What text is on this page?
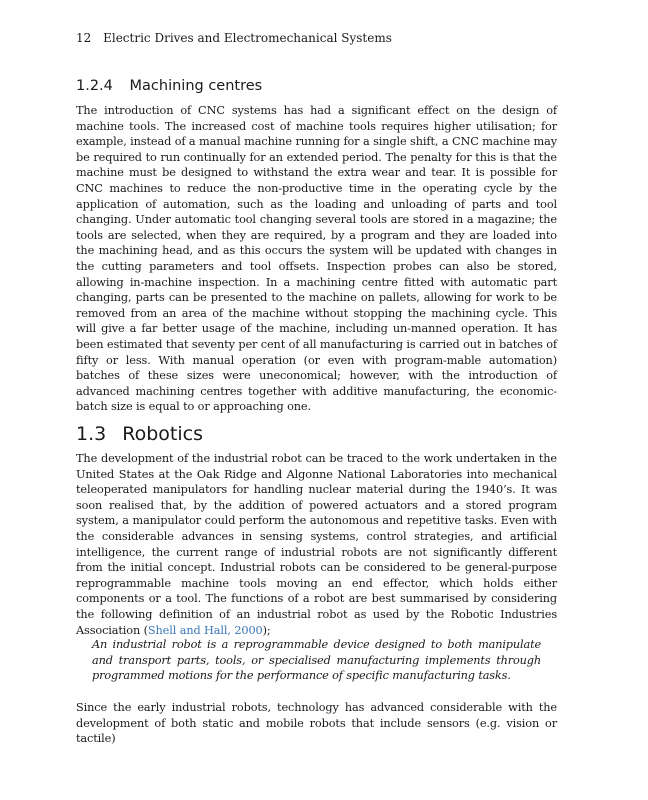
12 Electric Drives and Electromechanical Systems
1.2.4 Machining centres

The introduction of CNC systems has had a significant effect on the design of machine tools. The increased cost of machine tools requires higher utilisation; for example, instead of a manual machine running for a single shift, a CNC machine may be required to run continually for an extended period. The penalty for this is that the machine must be designed to withstand the extra wear and tear. It is possible for CNC machines to reduce the non-productive time in the operating cycle by the application of automation, such as the loading and unloading of parts and tool changing. Under automatic tool changing several tools are stored in a magazine; the tools are selected, when they are required, by a program and they are loaded into the machining head, and as this occurs the system will be updated with changes in the cutting parameters and tool offsets. Inspection probes can also be stored, allowing in-machine inspection. In a machining centre fitted with automatic part changing, parts can be presented to the machine on pallets, allowing for work to be removed from an area of the machine without stopping the machining cycle. This will give a far better usage of the machine, including un-manned operation. It has been estimated that seventy per cent of all manufacturing is carried out in batches of fifty or less. With manual operation (or even with program-mable automation) batches of these sizes were uneconomical; however, with the introduction of advanced machining centres together with additive manufacturing, the economic-batch size is equal to or approaching one.

1.3 Robotics

The development of the industrial robot can be traced to the work undertaken in the United States at the Oak Ridge and Algonne National Laboratories into mechanical teleoperated manipulators for handling nuclear material during the 1940’s. It was soon realised that, by the addition of powered actuators and a stored program system, a manipulator could perform the autonomous and repetitive tasks. Even with the considerable advances in sensing systems, control strategies, and artificial intelligence, the current range of industrial robots are not significantly different from the initial concept. Industrial robots can be considered to be general-purpose reprogrammable machine tools moving an end effector, which holds either components or a tool. The functions of a robot are best summarised by considering the following definition of an industrial robot as used by the Robotic Industries Association (Shell and Hall, 2000);

An industrial robot is a reprogrammable device designed to both manipulate and transport parts, tools, or specialised manufacturing implements through programmed motions for the performance of specific manufacturing tasks.

Since the early industrial robots, technology has advanced considerable with the development of both static and mobile robots that include sensors (e.g. vision or tactile)
